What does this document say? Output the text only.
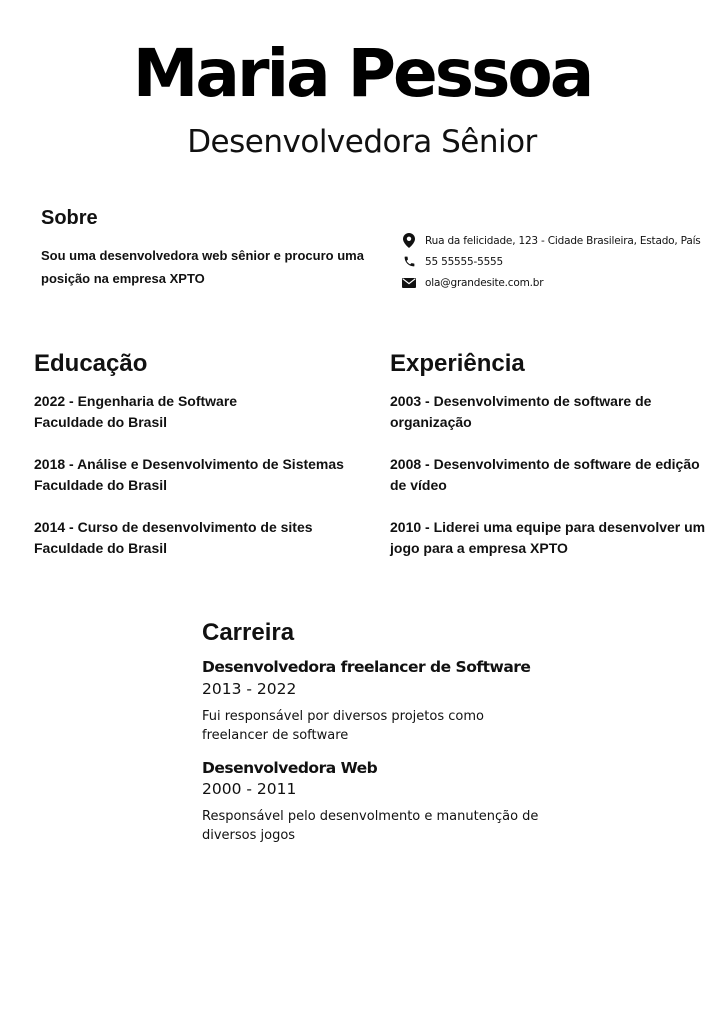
Maria Pessoa
Desenvolvedora Sênior
Sobre
Sou uma desenvolvedora web sênior e procuro uma posição na empresa XPTO
Rua da felicidade, 123 - Cidade Brasileira, Estado, País
55 55555-5555
ola@grandesite.com.br
Educação
2022 - Engenharia de Software
Faculdade do Brasil
2018 - Análise e Desenvolvimento de Sistemas
Faculdade do Brasil
2014 - Curso de desenvolvimento de sites
Faculdade do Brasil
Experiência
2003 - Desenvolvimento de software de organização
2008 - Desenvolvimento de software de edição de vídeo
2010 - Liderei uma equipe para desenvolver um jogo para a empresa XPTO
Carreira
Desenvolvedora freelancer de Software
2013 - 2022
Fui responsável por diversos projetos como freelancer de software
Desenvolvedora Web
2000 - 2011
Responsável pelo desenvolmento e manutenção de diversos jogos
